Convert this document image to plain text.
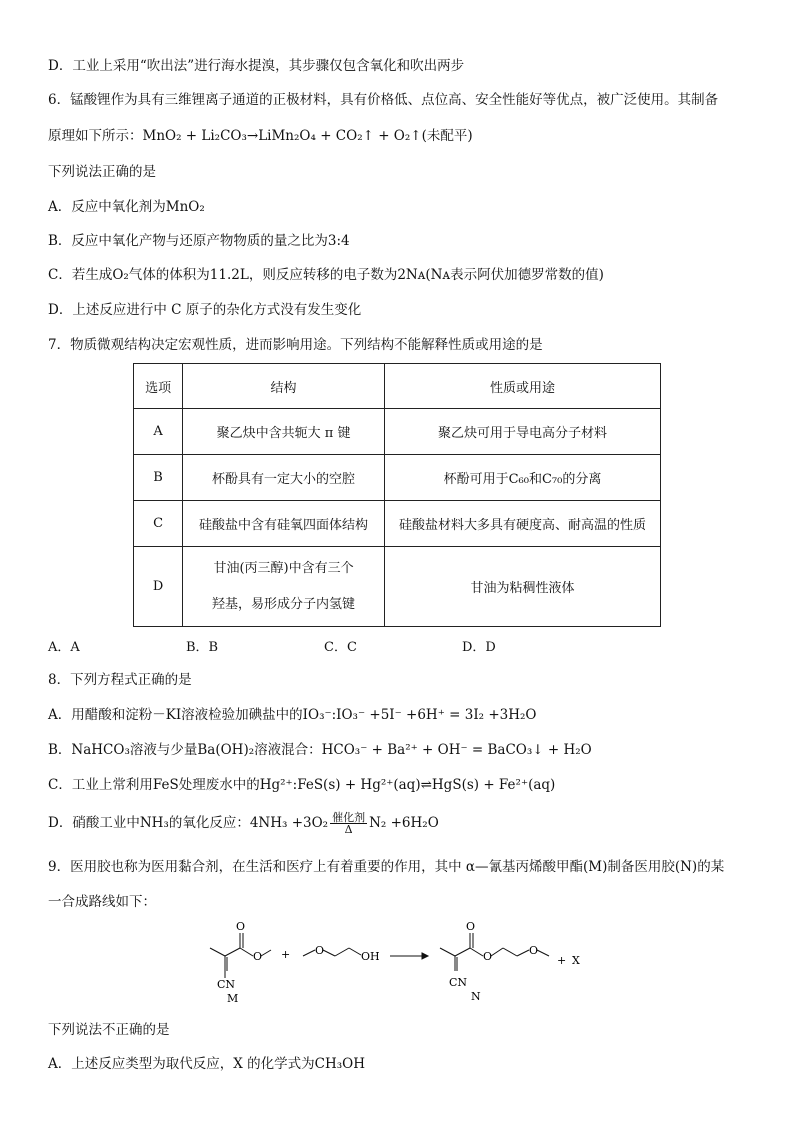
D．工业上采用“吹出法”进行海水提溴，其步骤仅包含氧化和吹出两步
6．锰酸锂作为具有三维锂离子通道的正极材料，具有价格低、点位高、安全性能好等优点，被广泛使用。其制备
原理如下所示：MnO₂ + Li₂CO₃→LiMn₂O₄ + CO₂↑ + O₂↑(未配平)
下列说法正确的是
A．反应中氧化剂为MnO₂
B．反应中氧化产物与还原产物物质的量之比为3:4
C．若生成O₂气体的体积为11.2L，则反应转移的电子数为2Nᴀ(Nᴀ表示阿伏加德罗常数的值)
D．上述反应进行中 C 原子的杂化方式没有发生变化
7．物质微观结构决定宏观性质，进而影响用途。下列结构不能解释性质或用途的是
选项	结构	性质或用途
A	聚乙炔中含共轭大 π 键	聚乙炔可用于导电高分子材料
B	杯酚具有一定大小的空腔	杯酚可用于C₆₀和C₇₀的分离
C	硅酸盐中含有硅氧四面体结构	硅酸盐材料大多具有硬度高、耐高温的性质
D	甘油(丙三醇)中含有三个
羟基，易形成分子内氢键	甘油为粘稠性液体
A．A	B．B	C．C	D．D
8．下列方程式正确的是
A．用醋酸和淀粉－KI溶液检验加碘盐中的IO₃⁻:IO₃⁻ +5I⁻ +6H⁺ = 3I₂ +3H₂O
B．NaHCO₃溶液与少量Ba(OH)₂溶液混合：HCO₃⁻ + Ba²⁺ + OH⁻ = BaCO₃↓ + H₂O
C．工业上常利用FeS处理废水中的Hg²⁺:FeS(s) + Hg²⁺(aq)⇌HgS(s) + Fe²⁺(aq)
D．硝酸工业中NH₃的氧化反应：$4NH_3 +3O_2 \frac{\text{催化剂}}{\Delta} N_2 +6H_2O$
9．医用胶也称为医用黏合剂，在生活和医疗上有着重要的作用，其中 α—氰基丙烯酸甲酯(M)制备医用胶(N)的某
一合成路线如下：
O
O
CN
M
+ O	OH
O
O	O
CN
N
+ X
下列说法不正确的是
A．上述反应类型为取代反应，X 的化学式为CH₃OH
